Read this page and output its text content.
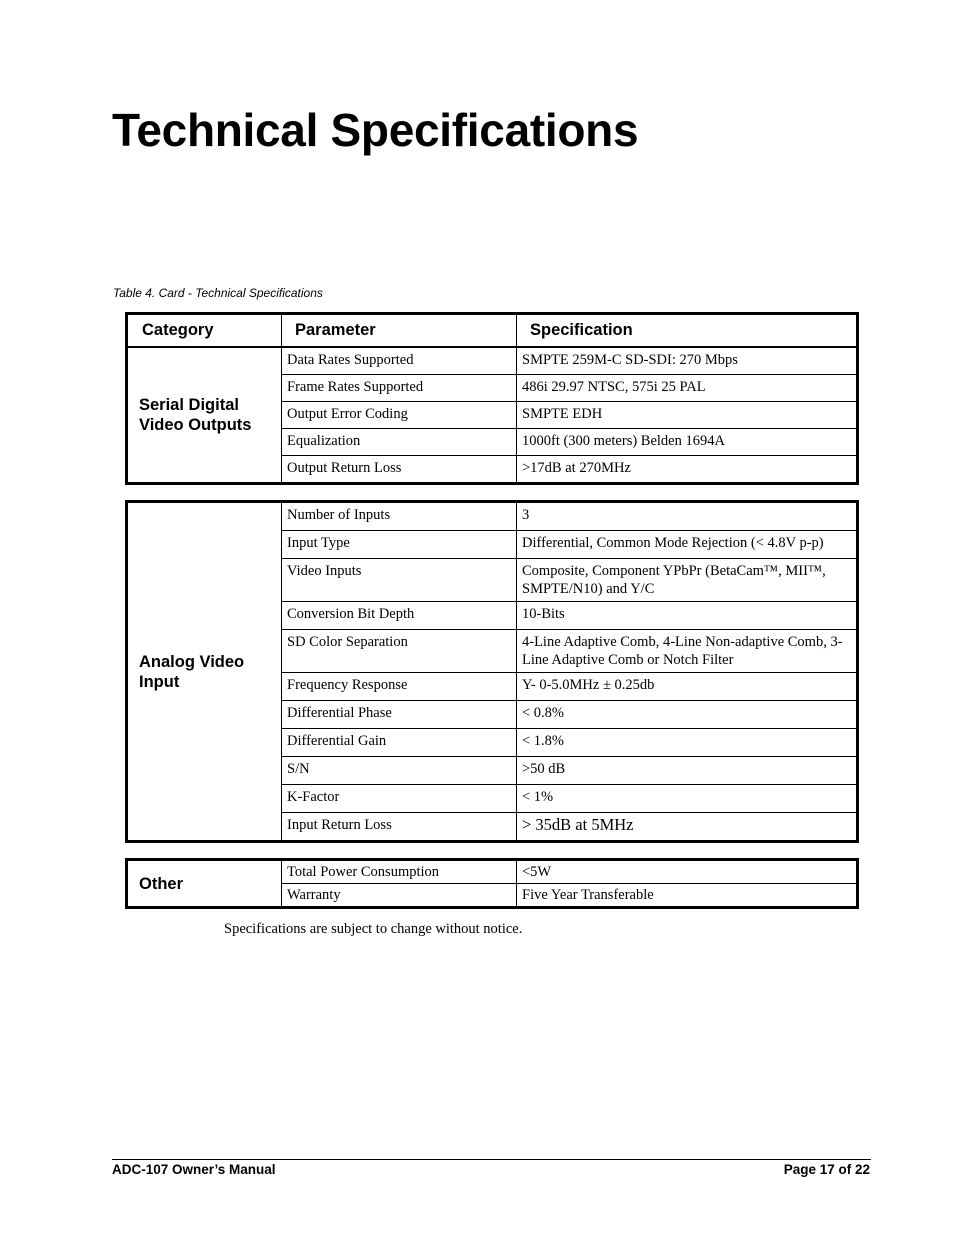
Technical Specifications
Table 4. Card - Technical Specifications
Category	Parameter	Specification
Serial Digital Video Outputs	Data Rates Supported	SMPTE 259M-C SD-SDI: 270 Mbps
	Frame Rates Supported	486i 29.97 NTSC, 575i 25 PAL
	Output Error Coding	SMPTE EDH
	Equalization	1000ft (300 meters) Belden 1694A
	Output Return Loss	>17dB at 270MHz
Analog Video Input	Number of Inputs	3
	Input Type	Differential, Common Mode Rejection (< 4.8V p-p)
	Video Inputs	Composite, Component YPbPr (BetaCam™, MII™, SMPTE/N10) and Y/C
	Conversion Bit Depth	10-Bits
	SD Color Separation	4-Line Adaptive Comb, 4-Line Non-adaptive Comb, 3-Line Adaptive Comb or Notch Filter
	Frequency Response	Y- 0-5.0MHz ± 0.25db
	Differential Phase	< 0.8%
	Differential Gain	< 1.8%
	S/N	>50 dB
	K-Factor	< 1%
	Input Return Loss	> 35dB at 5MHz
Other	Total Power Consumption	<5W
	Warranty	Five Year Transferable
Specifications are subject to change without notice.
ADC-107 Owner’s Manual	Page 17 of 22
